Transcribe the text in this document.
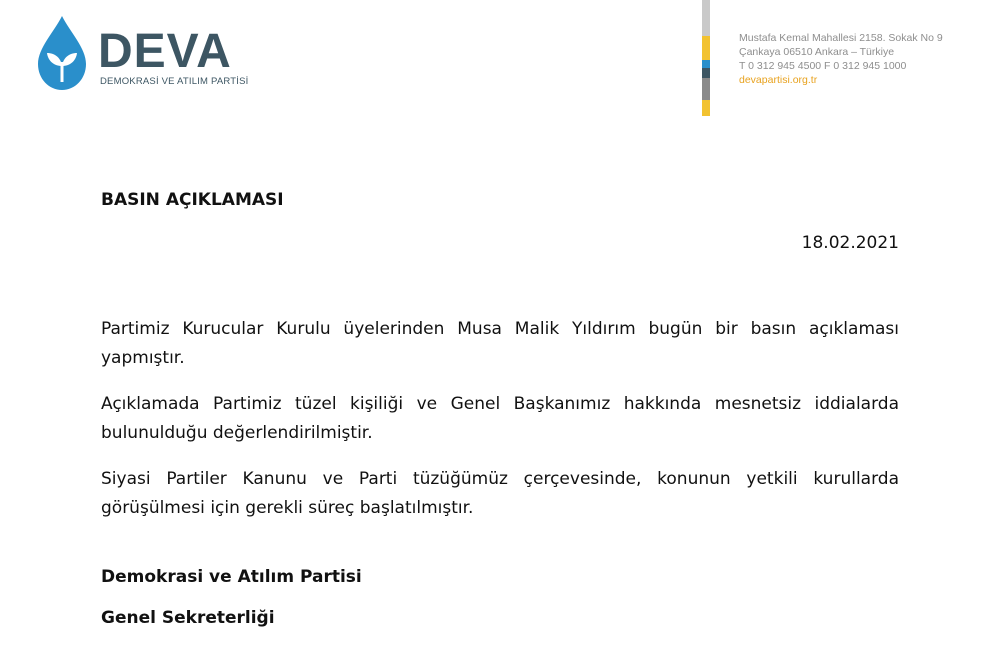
DEVA
DEMOKRASİ VE ATILIM PARTİSİ
Mustafa Kemal Mahallesi 2158. Sokak No 9
Çankaya 06510 Ankara – Türkiye
T 0 312 945 4500 F 0 312 945 1000
devapartisi.org.tr
BASIN AÇIKLAMASI
18.02.2021

Partimiz Kurucular Kurulu üyelerinden Musa Malik Yıldırım bugün bir basın açıklaması yapmıştır.

Açıklamada Partimiz tüzel kişiliği ve Genel Başkanımız hakkında mesnetsiz iddialarda bulunulduğu değerlendirilmiştir.

Siyasi Partiler Kanunu ve Parti tüzüğümüz çerçevesinde, konunun yetkili kurullarda görüşülmesi için gerekli süreç başlatılmıştır.

Demokrasi ve Atılım Partisi
Genel Sekreterliği
